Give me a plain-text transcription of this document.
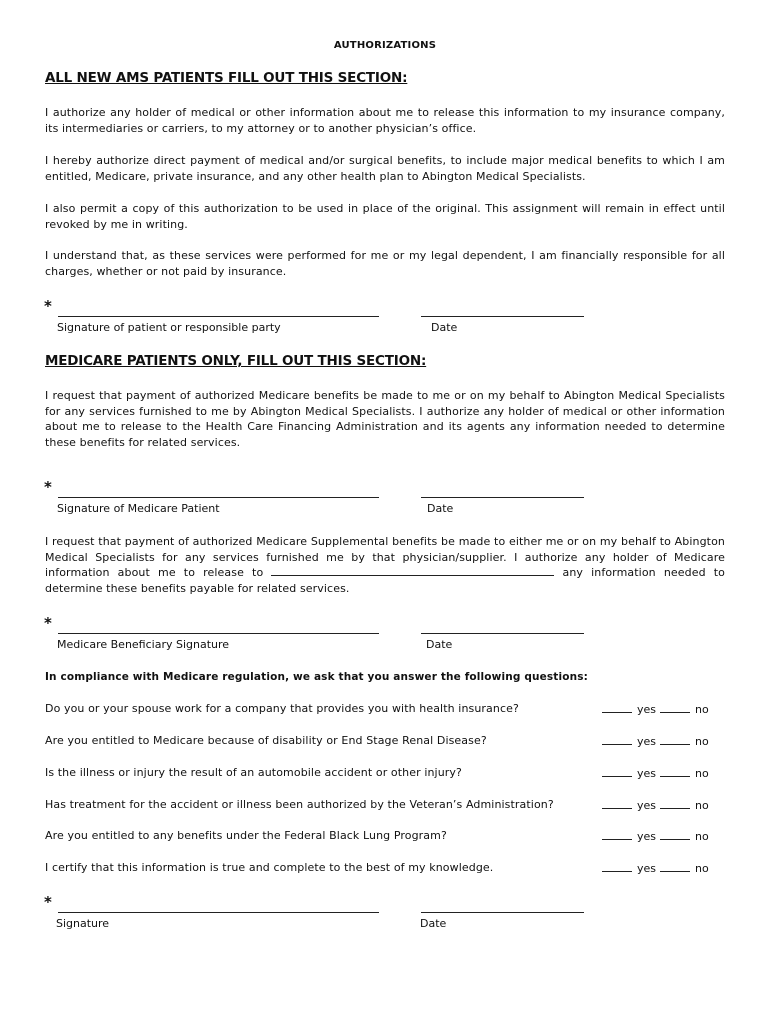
AUTHORIZATIONS
ALL NEW AMS PATIENTS FILL OUT THIS SECTION:
I authorize any holder of medical or other information about me to release this information to my insurance company, its intermediaries or carriers, to my attorney or to another physician’s office.
I hereby authorize direct payment of medical and/or surgical benefits, to include major medical benefits to which I am entitled, Medicare, private insurance, and any other health plan to Abington Medical Specialists.
I also permit a copy of this authorization to be used in place of the original. This assignment will remain in effect until revoked by me in writing.
I understand that, as these services were performed for me or my legal dependent, I am financially responsible for all charges, whether or not paid by insurance.
*
Signature of patient or responsible party	Date
MEDICARE PATIENTS ONLY, FILL OUT THIS SECTION:
I request that payment of authorized Medicare benefits be made to me or on my behalf to Abington Medical Specialists for any services furnished to me by Abington Medical Specialists. I authorize any holder of medical or other information about me to release to the Health Care Financing Administration and its agents any information needed to determine these benefits for related services.
*
Signature of Medicare Patient	Date
I request that payment of authorized Medicare Supplemental benefits be made to either me or on my behalf to Abington Medical Specialists for any services furnished me by that physician/supplier. I authorize any holder of Medicare information about me to release to	any information needed to determine these benefits payable for related services.
*
Medicare Beneficiary Signature	Date
In compliance with Medicare regulation, we ask that you answer the following questions:
Do you or your spouse work for a company that provides you with health insurance?	yes	no
Are you entitled to Medicare because of disability or End Stage Renal Disease?	yes	no
Is the illness or injury the result of an automobile accident or other injury?	yes	no
Has treatment for the accident or illness been authorized by the Veteran’s Administration?	yes	no
Are you entitled to any benefits under the Federal Black Lung Program?	yes	no
I certify that this information is true and complete to the best of my knowledge.	yes	no
*
Signature	Date
